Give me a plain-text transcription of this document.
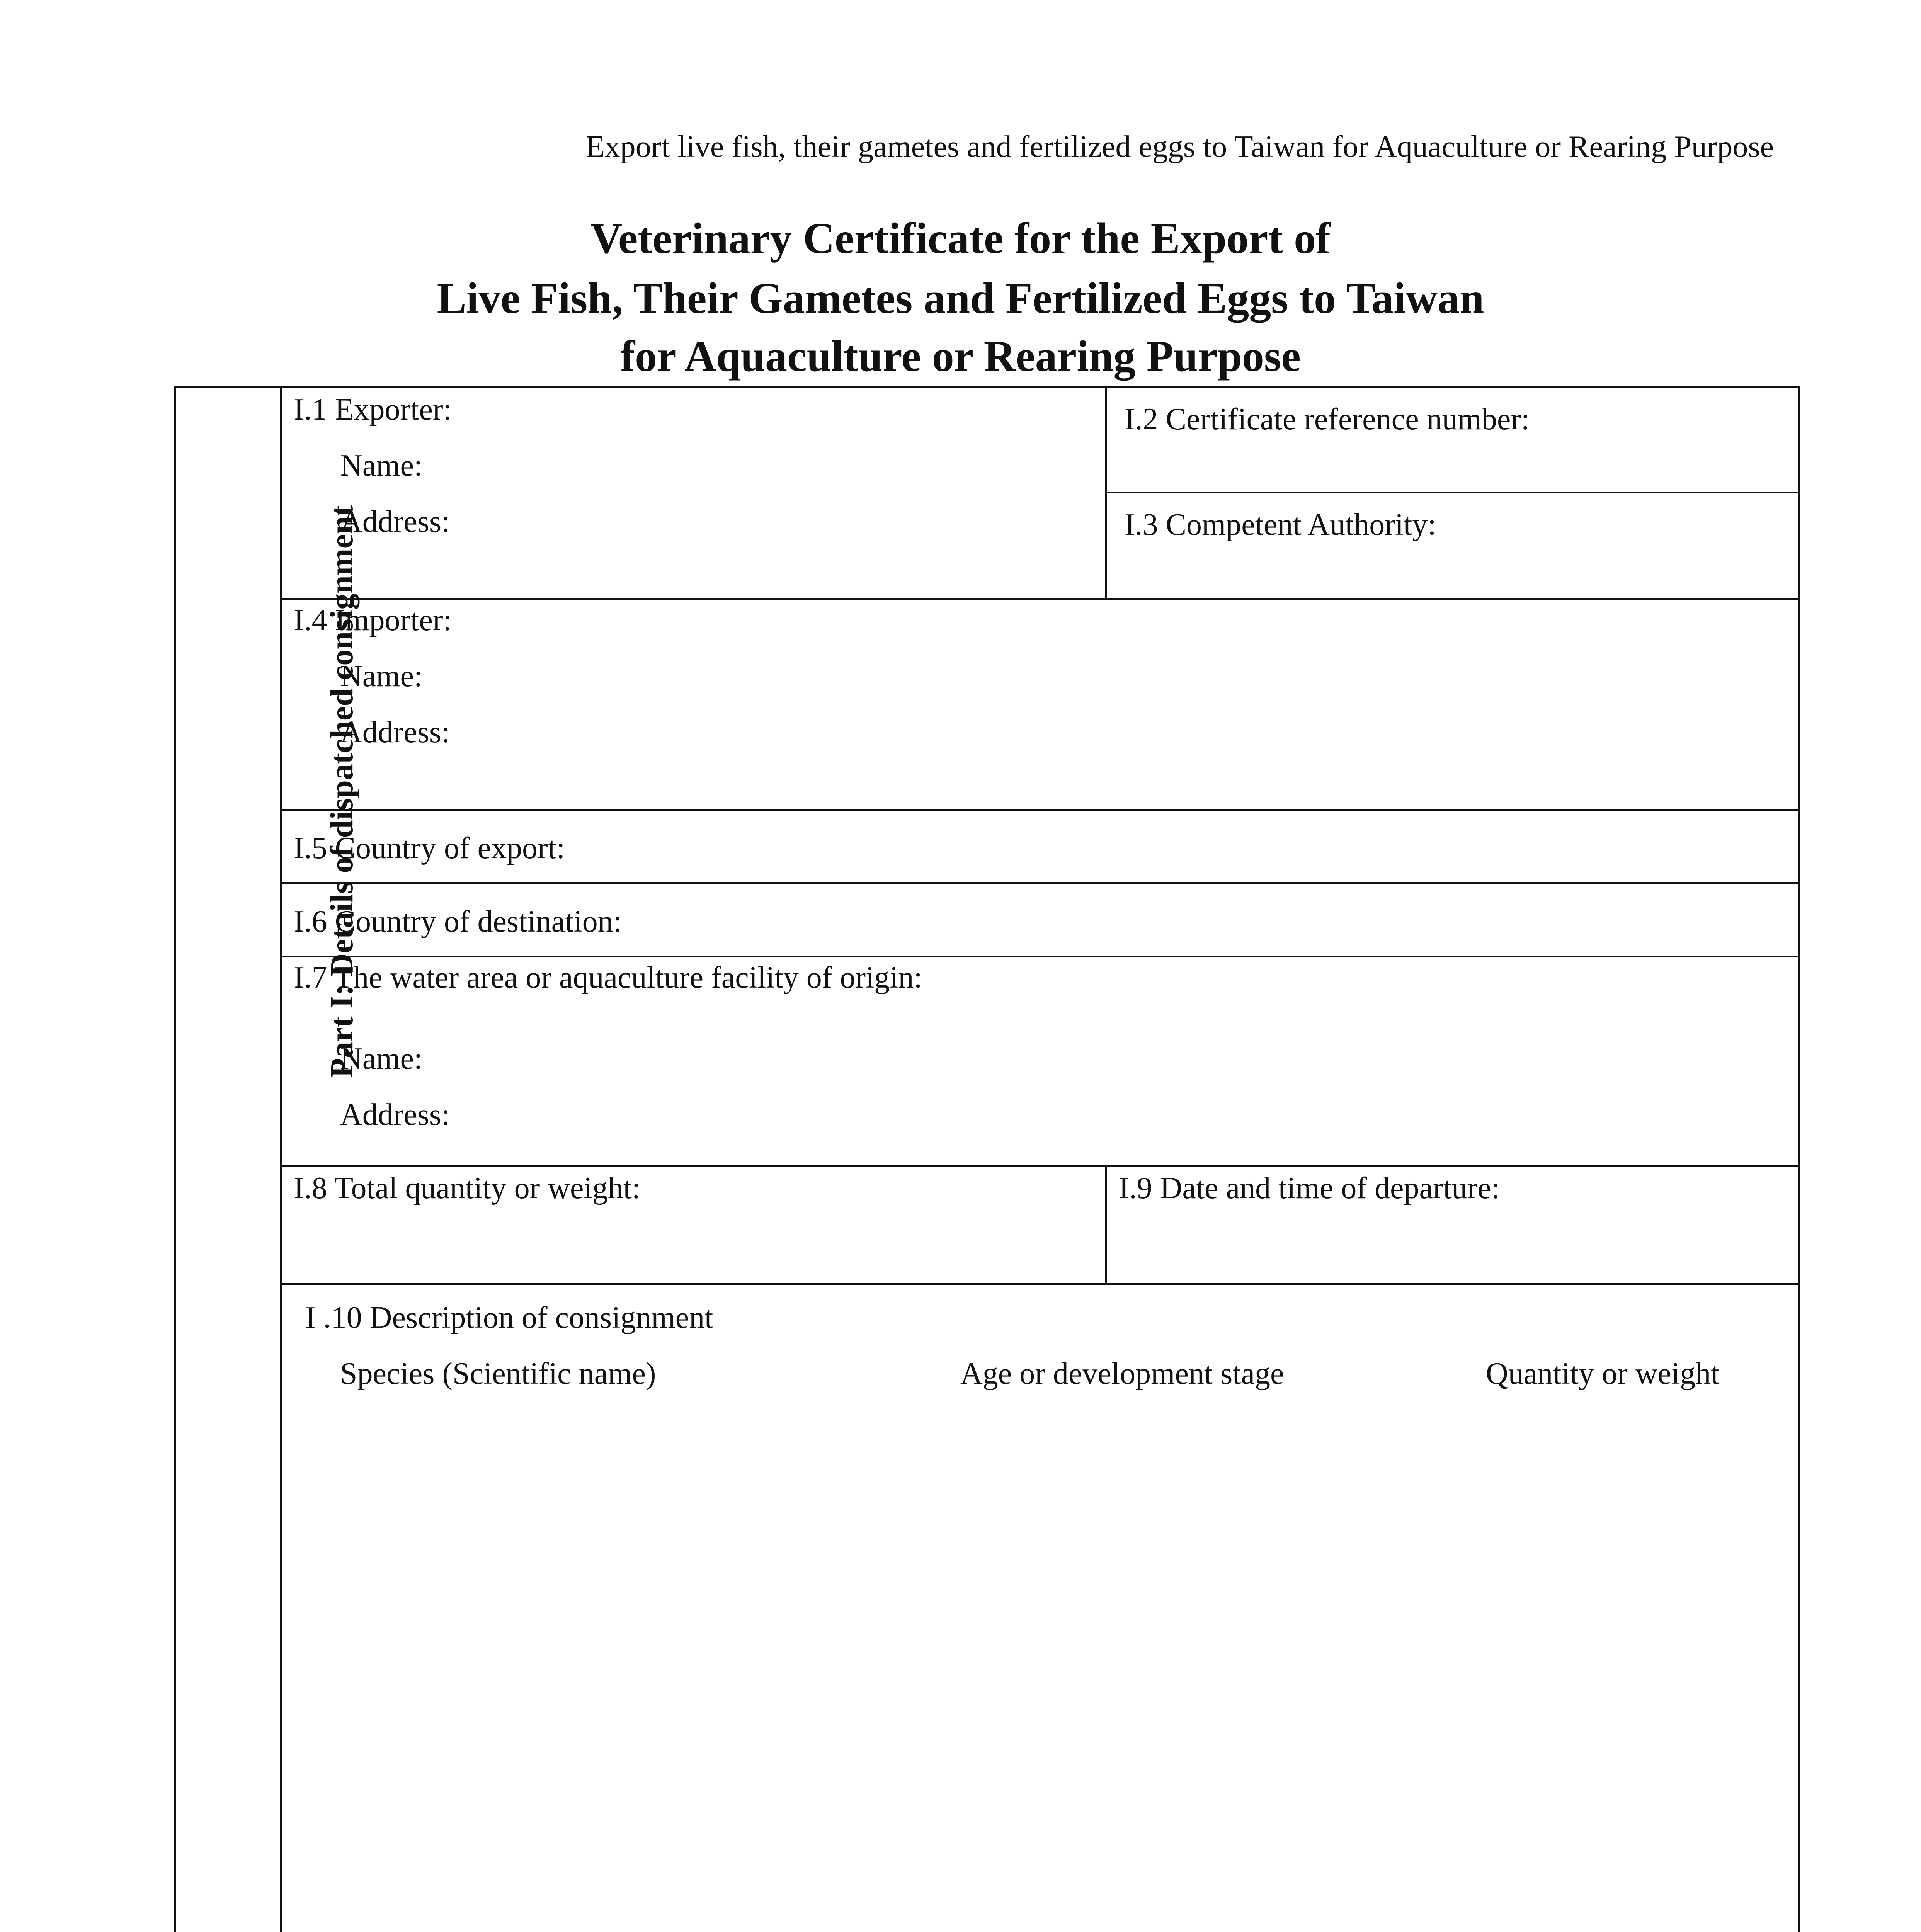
Export live fish, their gametes and fertilized eggs to Taiwan for Aquaculture or Rearing Purpose
Veterinary Certificate for the Export of
Live Fish, Their Gametes and Fertilized Eggs to Taiwan
for Aquaculture or Rearing Purpose
Part I: Details of dispatched consignment
I.1 Exporter:
Name:
Address:
I.2 Certificate reference number:
I.3 Competent Authority:
I.4 Importer:
Name:
Address:
I.5 Country of export:
I.6 Country of destination:
I.7 The water area or aquaculture facility of origin:
Name:
Address:
I.8 Total quantity or weight:	I.9 Date and time of departure:
I .10 Description of consignment
Species (Scientific name)	Age or development stage	Quantity or weight
